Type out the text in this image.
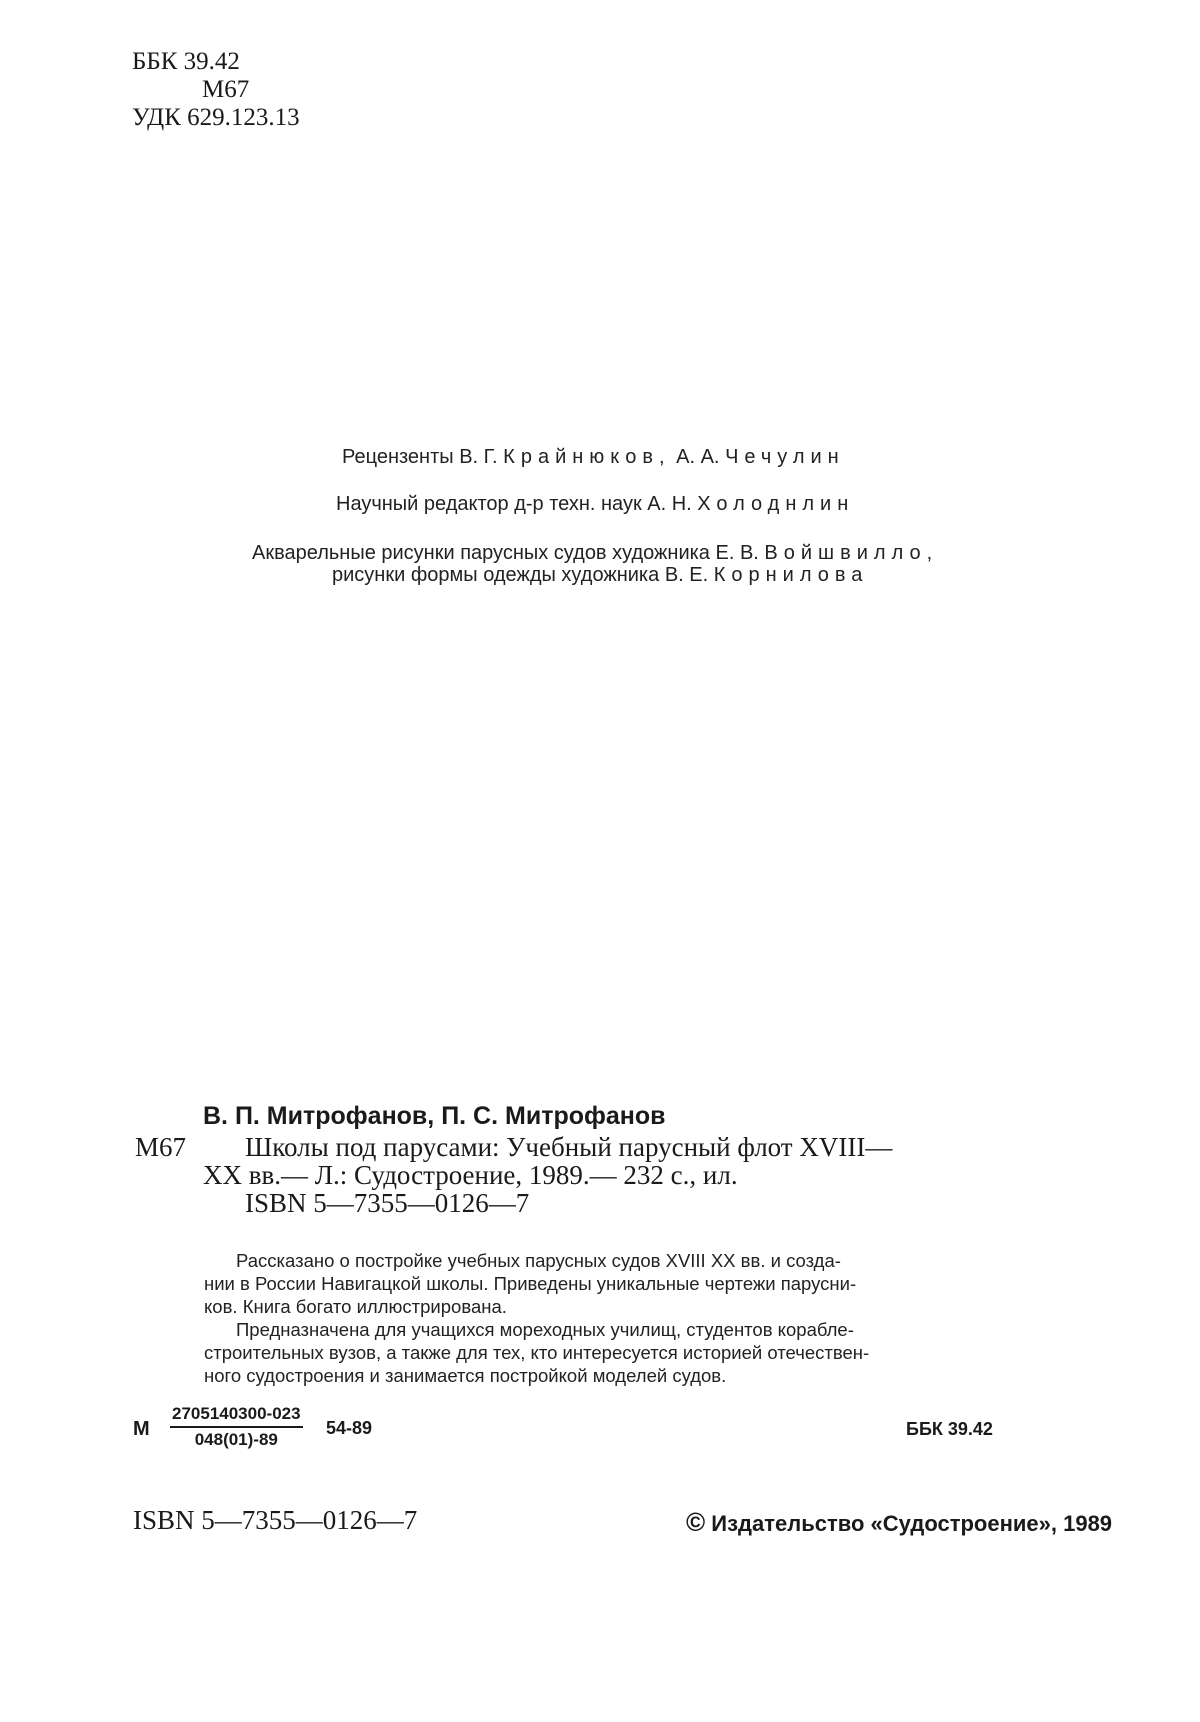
ББК 39.42
М67
УДК 629.123.13
Рецензенты В. Г. Крайнюков, А. А. Чечулин
Научный редактор д-р техн. наук А. Н. Холоднлин
Акварельные рисунки парусных судов художника Е. В. Войшвилло,
рисунки формы одежды художника В. Е. Корнилова
В. П. Митрофанов, П. С. Митрофанов
М67 Школы под парусами: Учебный парусный флот XVIII—
XX вв.— Л.: Судостроение, 1989.— 232 с., ил.
ISBN 5—7355—0126—7
Рассказано о постройке учебных парусных судов XVIII XX вв. и созда-
нии в России Навигацкой школы. Приведены уникальные чертежи парусни-
ков. Книга богато иллюстрирована.
Предназначена для учащихся мореходных училищ, студентов корабле-
строительных вузов, а также для тех, кто интересуется историей отечествен-
ного судостроения и занимается постройкой моделей судов.
М $\frac{2705140300-023}{048(01)-89} 54-89$	ББК 39.42
ISBN 5—7355—0126—7	© Издательство «Судостроение», 1989
